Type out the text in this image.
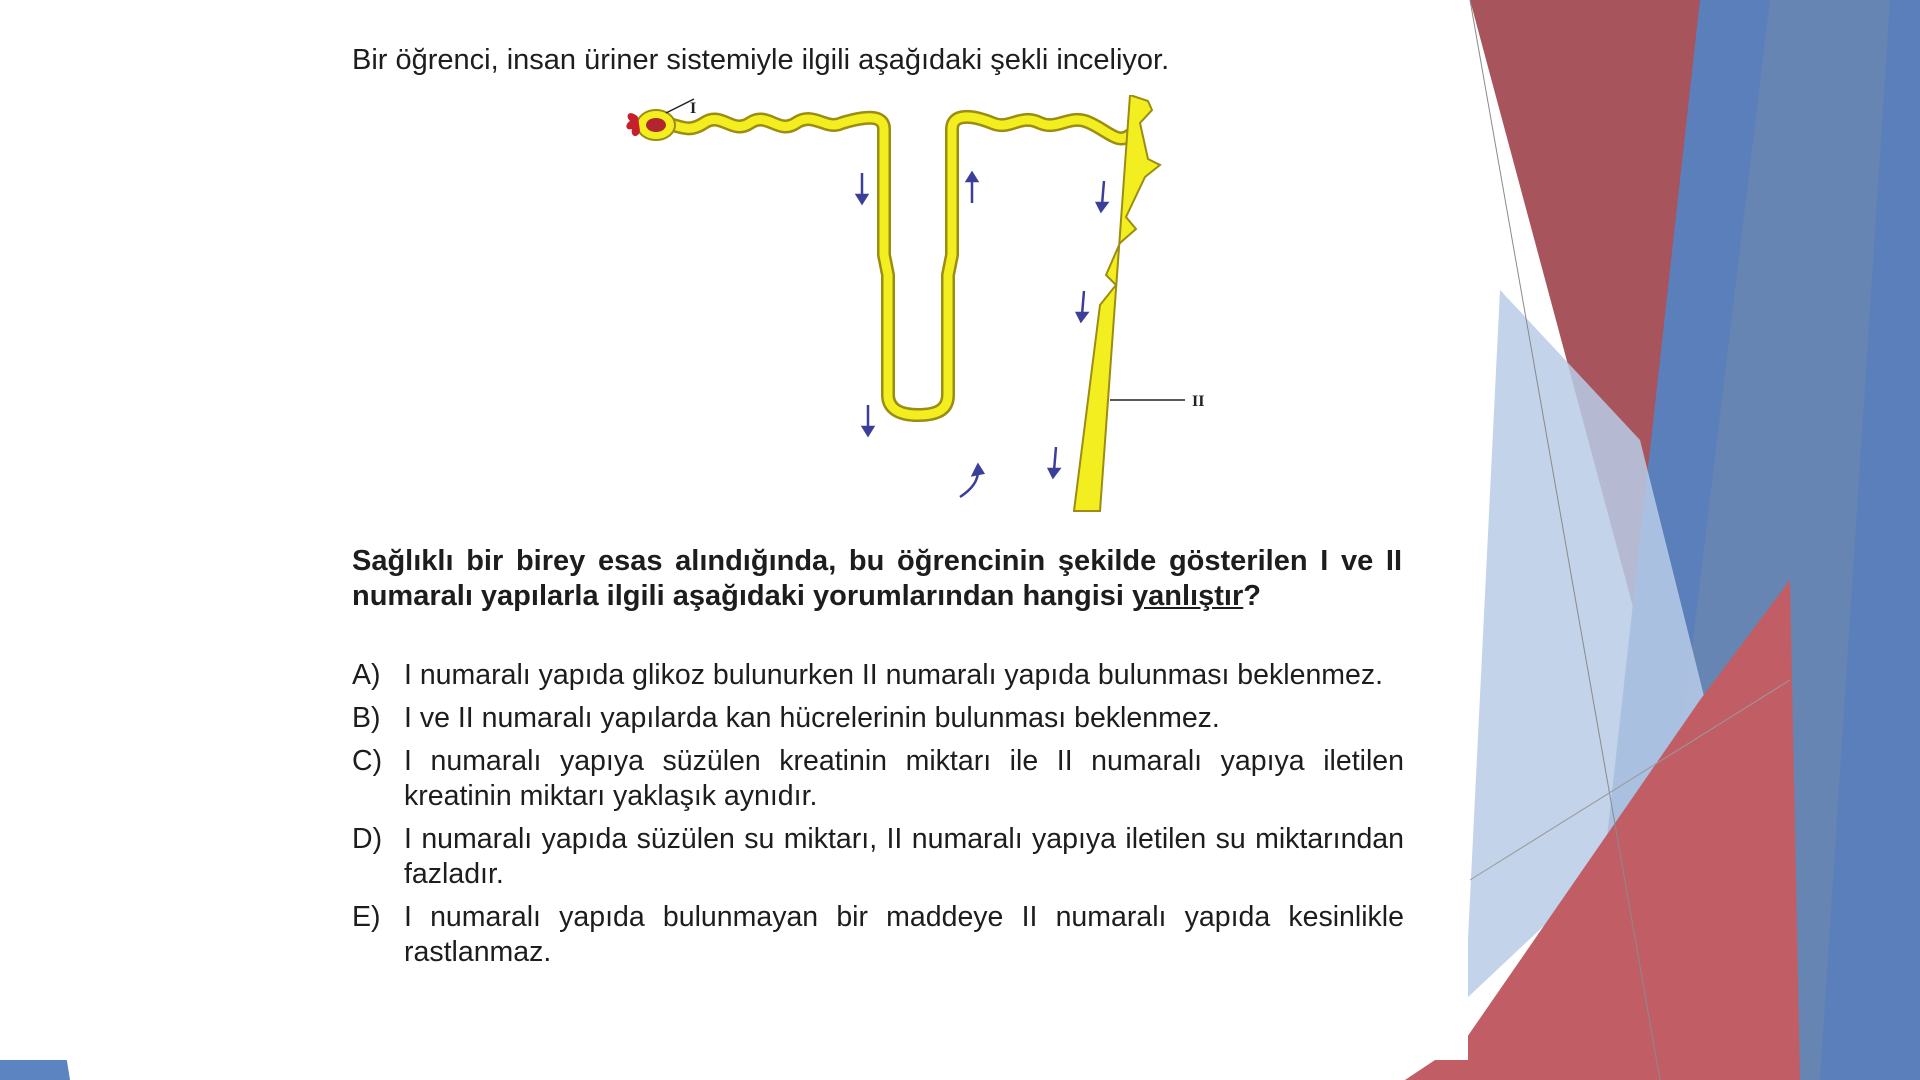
Bir öğrenci, insan üriner sistemiyle ilgili aşağıdaki şekli inceliyor.

I
II

Sağlıklı bir birey esas alındığında, bu öğrencinin şekilde gösterilen I ve II numaralı yapılarla ilgili aşağıdaki yorumlarından hangisi yanlıştır?

A) I numaralı yapıda glikoz bulunurken II numaralı yapıda bulunması beklenmez.
B) I ve II numaralı yapılarda kan hücrelerinin bulunması beklenmez.
C) I numaralı yapıya süzülen kreatinin miktarı ile II numaralı yapıya iletilen kreatinin miktarı yaklaşık aynıdır.
D) I numaralı yapıda süzülen su miktarı, II numaralı yapıya iletilen su miktarından fazladır.
E) I numaralı yapıda bulunmayan bir maddeye II numaralı yapıda kesinlikle rastlanmaz.
